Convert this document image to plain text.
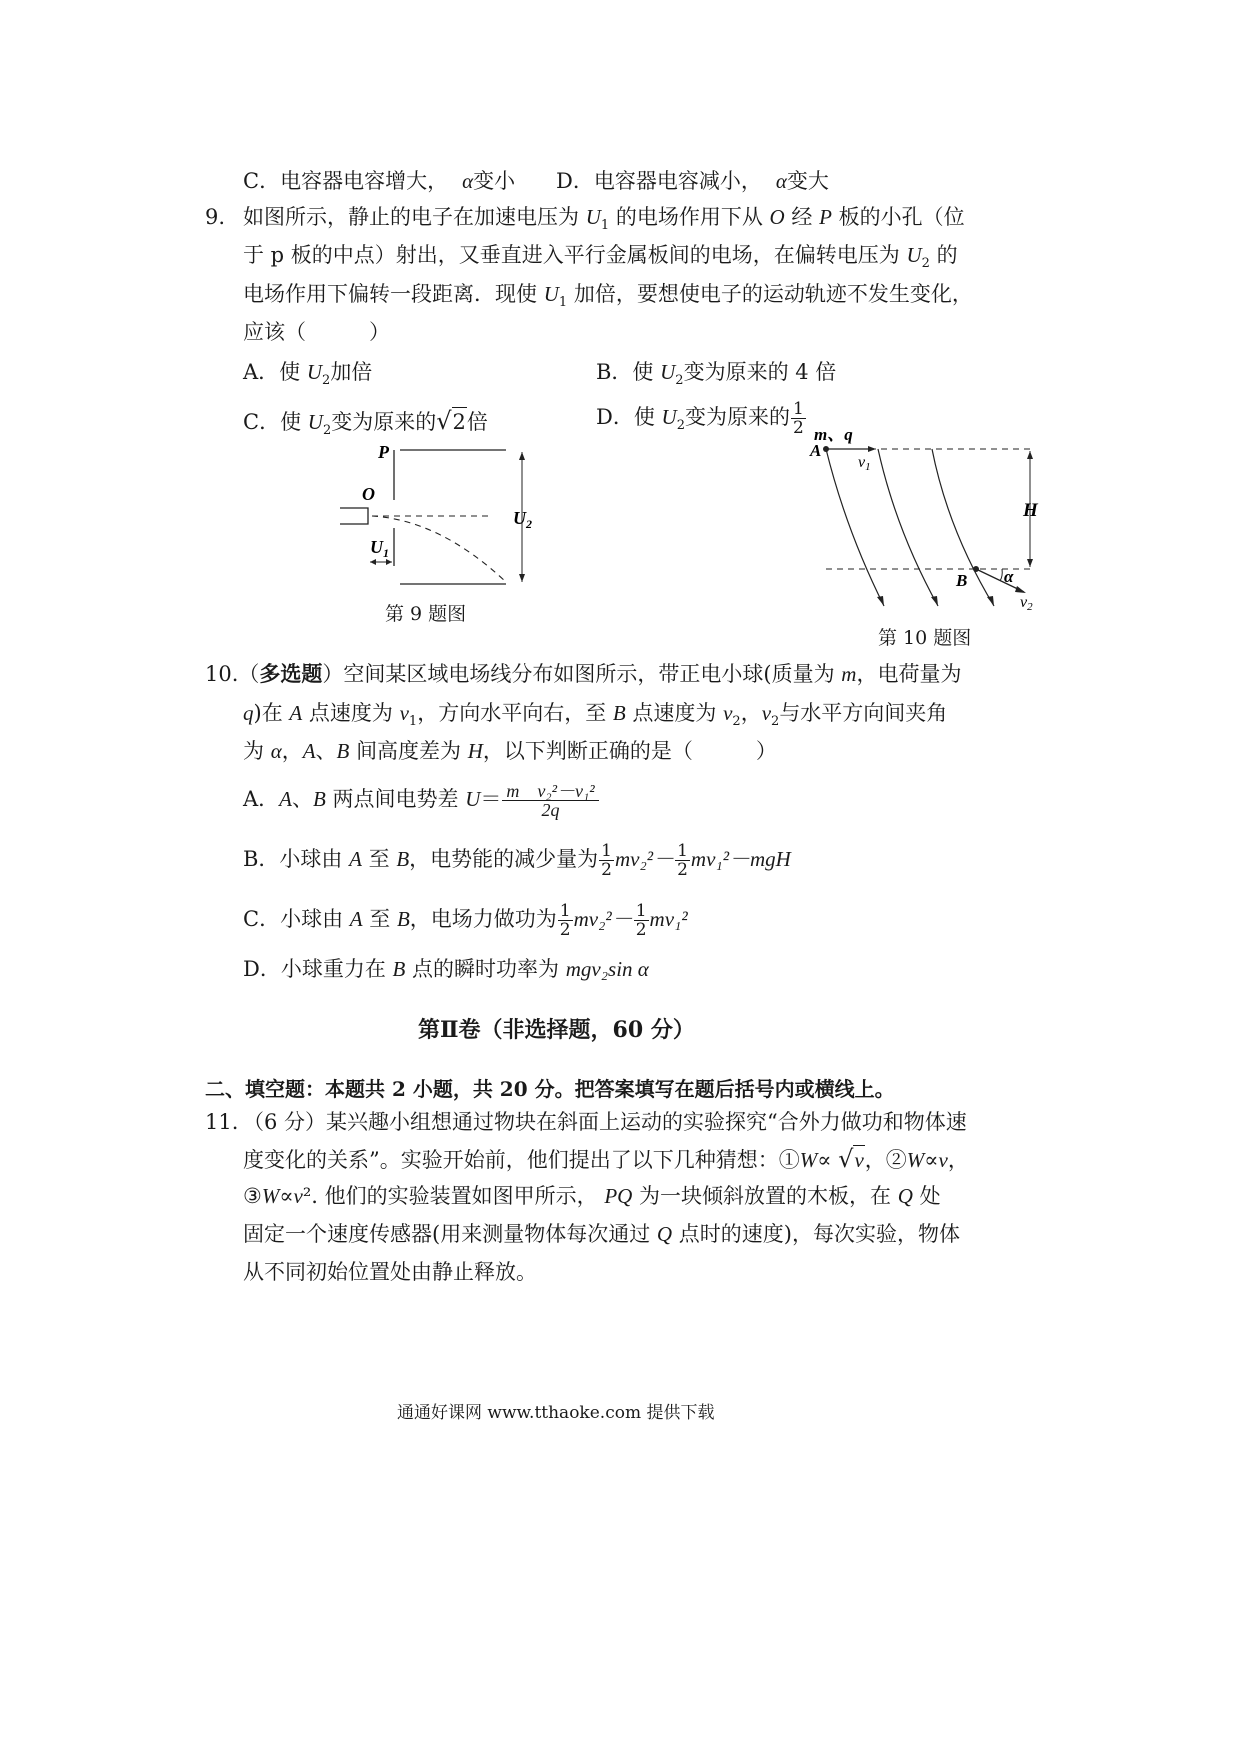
C．电容器电容增大， α变小 D．电容器电容减小， α变大
9. 如图所示，静止的电子在加速电压为 $U_1$ 的电场作用下从 O 经 P 板的小孔（位
于 p 板的中点）射出，又垂直进入平行金属板间的电场，在偏转电压为 $U_2$ 的
电场作用下偏转一段距离．现使 $U_1$ 加倍，要想使电子的运动轨迹不发生变化，
应该（　　　）
A．使 $U_2$加倍	B．使 $U_2$变为原来的 4 倍
C．使 $U_2$变为原来的√2倍	D．使 $U_2$变为原来的 $\frac{1}{2}$
P
O
$U_1$
$U_2$
第 9 题图
m、q
A
v1
H
B α
v2
第 10 题图
10.（多选题）空间某区域电场线分布如图所示，带正电小球(质量为 m，电荷量为
q)在 A 点速度为 $v_1$，方向水平向右，至 B 点速度为 $v_2$，$v_2$与水平方向间夹角
为 α，A、B 间高度差为 H，以下判断正确的是（　　　）
A．A、B 两点间电势差 $U= \frac{\text{m　v₂²－v₁²}}{2q}$
B．小球由 A 至 B，电势能的减少量为 $\frac{1}{2} mv_2^2- \frac{1}{2} mv_1^2-mgH$
C．小球由 A 至 B，电场力做功为 $\frac{1}{2} mv_2^2- \frac{1}{2} mv_1^2$
D．小球重力在 B 点的瞬时功率为 mgv₂sin α
第Ⅱ卷（非选择题，60 分）
二、填空题：本题共 2 小题，共 20 分。把答案填写在题后括号内或横线上。
11. （6 分）某兴趣小组想通过物块在斜面上运动的实验探究“合外力做功和物体速
度变化的关系”。实验开始前，他们提出了以下几种猜想：①W∝ √v，②W∝v，
③W∝v². 他们的实验装置如图甲所示， PQ 为一块倾斜放置的木板，在 Q 处
固定一个速度传感器(用来测量物体每次通过 Q 点时的速度)，每次实验，物体
从不同初始位置处由静止释放。
通通好课网 www.tthaoke.com 提供下载
